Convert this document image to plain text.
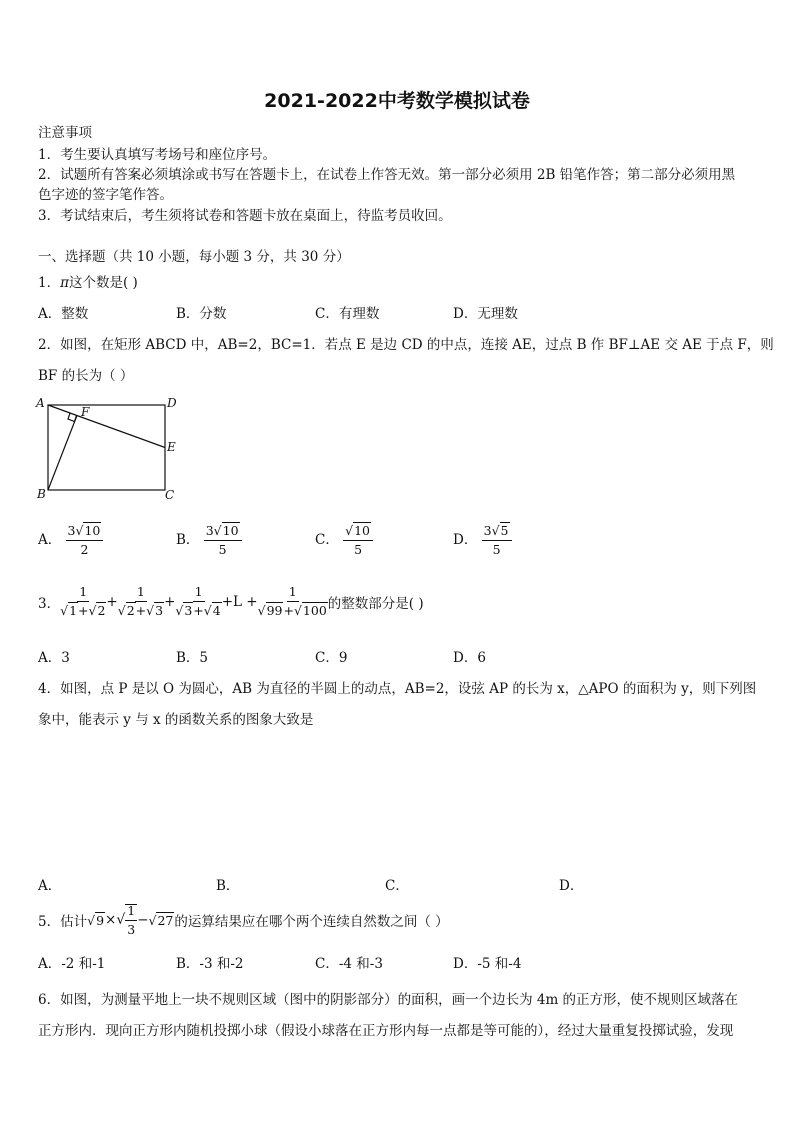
2021-2022中考数学模拟试卷
注意事项
1．考生要认真填写考场号和座位序号。
2．试题所有答案必须填涂或书写在答题卡上，在试卷上作答无效。第一部分必须用 2B 铅笔作答；第二部分必须用黑
色字迹的签字笔作答。
3．考试结束后，考生须将试卷和答题卡放在桌面上，待监考员收回。
一、选择题（共 10 小题，每小题 3 分，共 30 分）
1．π这个数是( )
A．整数	B．分数	C．有理数	D．无理数
2．如图，在矩形 ABCD 中，AB=2，BC=1．若点 E 是边 CD 的中点，连接 AE，过点 B 作 BF⊥AE 交 AE 于点 F，则
BF 的长为（ ）
A	D
E
F
B	C
A． $\frac{3√10}{2}$	B． $\frac{3√10}{5}$	C． $\frac{√10}{5}$	D． $\frac{3√5}{5}$
3． $\frac{1}{√1+√2} + \frac{1}{√2+√3} + \frac{1}{√3+√4} +L + \frac{1}{√99+√100}$ 的整数部分是( )
A．3	B．5	C．9	D．6
4．如图，点 P 是以 O 为圆心，AB 为直径的半圆上的动点，AB=2，设弦 AP 的长为 x，△APO 的面积为 y，则下列图
象中，能表示 y 与 x 的函数关系的图象大致是
A．	B．	C．	D．
5．估计 √9 × √ $\frac{1}{3} - √27$ 的运算结果应在哪个两个连续自然数之间（ ）
A．-2 和-1	B．-3 和-2	C．-4 和-3	D．-5 和-4
6．如图，为测量平地上一块不规则区域（图中的阴影部分）的面积，画一个边长为 4m 的正方形，使不规则区域落在
正方形内．现向正方形内随机投掷小球（假设小球落在正方形内每一点都是等可能的），经过大量重复投掷试验，发现
